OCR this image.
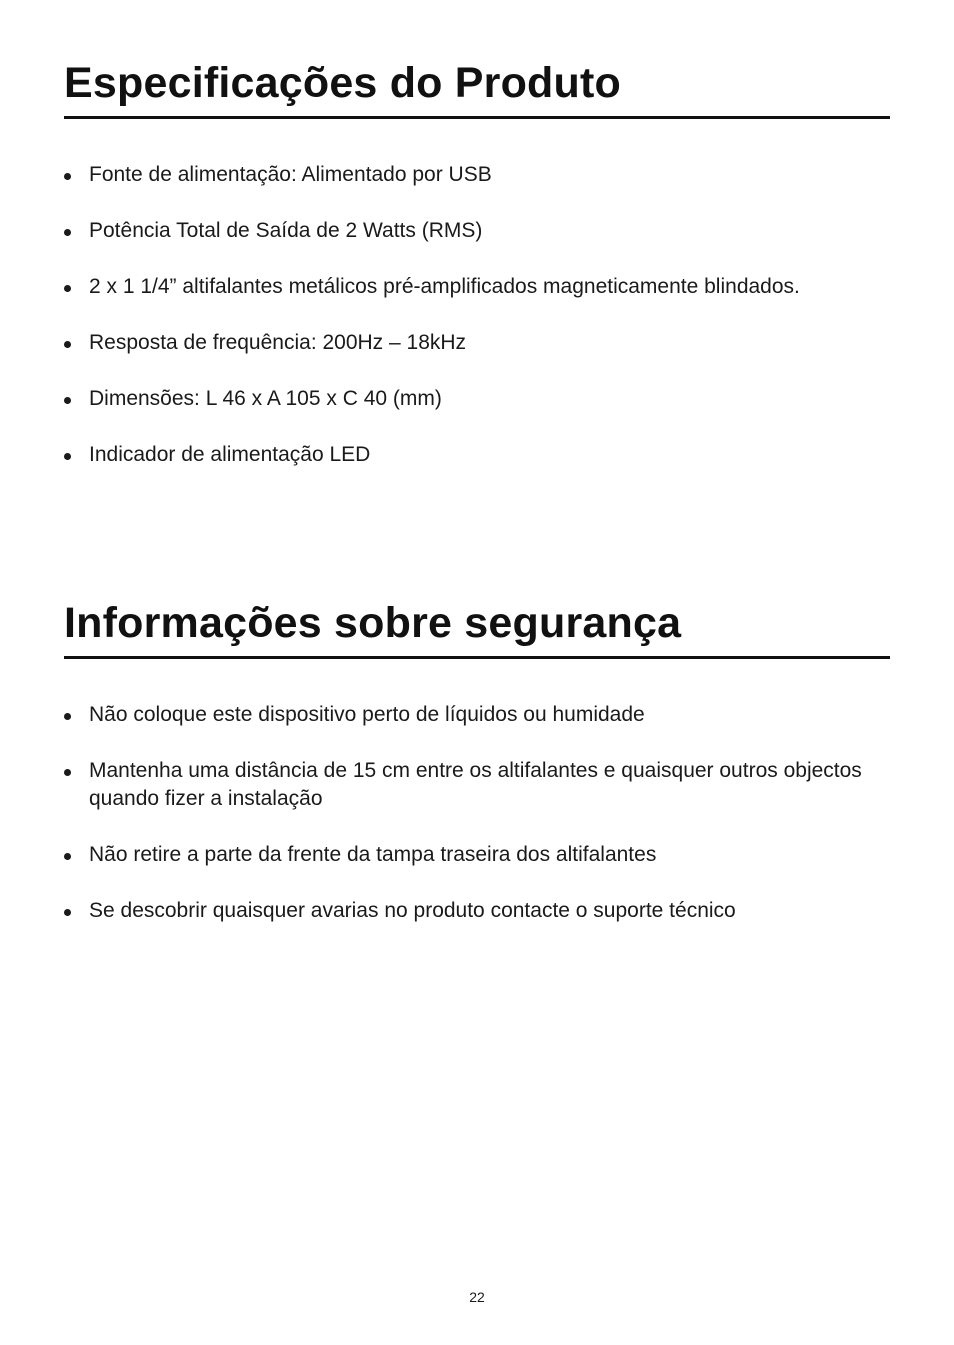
Especificações do Produto
Fonte de alimentação: Alimentado por USB
Potência Total de Saída de 2 Watts (RMS)
2 x 1 1/4” altifalantes metálicos pré-amplificados magneticamente blindados.
Resposta de frequência: 200Hz – 18kHz
Dimensões: L 46 x A 105 x C 40 (mm)
Indicador de alimentação LED
Informações sobre segurança
Não coloque este dispositivo perto de líquidos ou humidade
Mantenha uma distância de 15 cm entre os altifalantes e quaisquer outros objectos quando fizer a instalação
Não retire a parte da frente da tampa traseira dos altifalantes
Se descobrir quaisquer avarias no produto contacte o suporte técnico
22
